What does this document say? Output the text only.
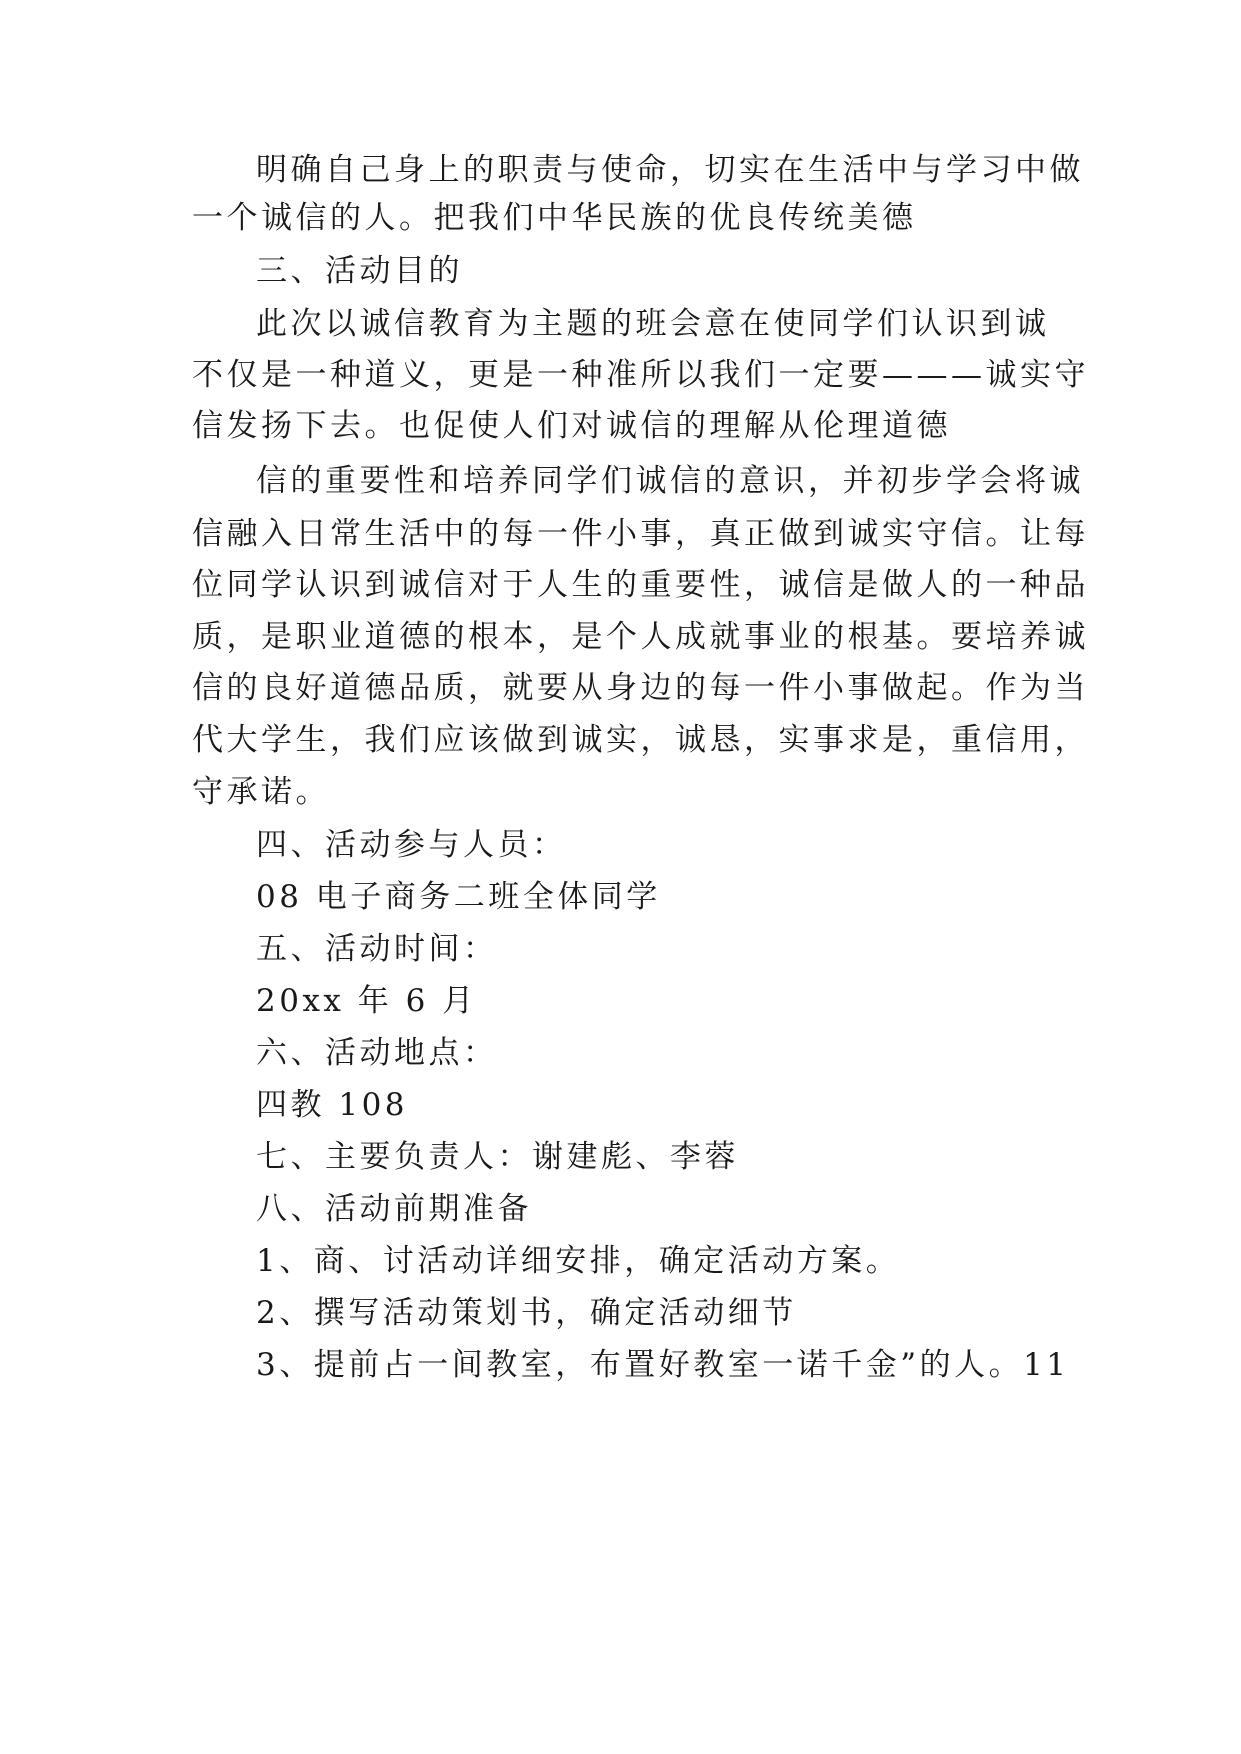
明确自己身上的职责与使命，切实在生活中与学习中做
一个诚信的人。把我们中华民族的优良传统美德
三、活动目的
此次以诚信教育为主题的班会意在使同学们认识到诚
不仅是一种道义，更是一种准所以我们一定要———诚实守
信发扬下去。也促使人们对诚信的理解从伦理道德
信的重要性和培养同学们诚信的意识，并初步学会将诚
信融入日常生活中的每一件小事，真正做到诚实守信。让每
位同学认识到诚信对于人生的重要性，诚信是做人的一种品
质，是职业道德的根本，是个人成就事业的根基。要培养诚
信的良好道德品质，就要从身边的每一件小事做起。作为当
代大学生，我们应该做到诚实，诚恳，实事求是，重信用，
守承诺。
四、活动参与人员：
08 电子商务二班全体同学
五、活动时间：
20xx 年 6 月
六、活动地点：
四教 108
七、主要负责人：谢建彪、李蓉
八、活动前期准备
1、商、讨活动详细安排，确定活动方案。
2、撰写活动策划书，确定活动细节
3、提前占一间教室，布置好教室一诺千金”的人。11
